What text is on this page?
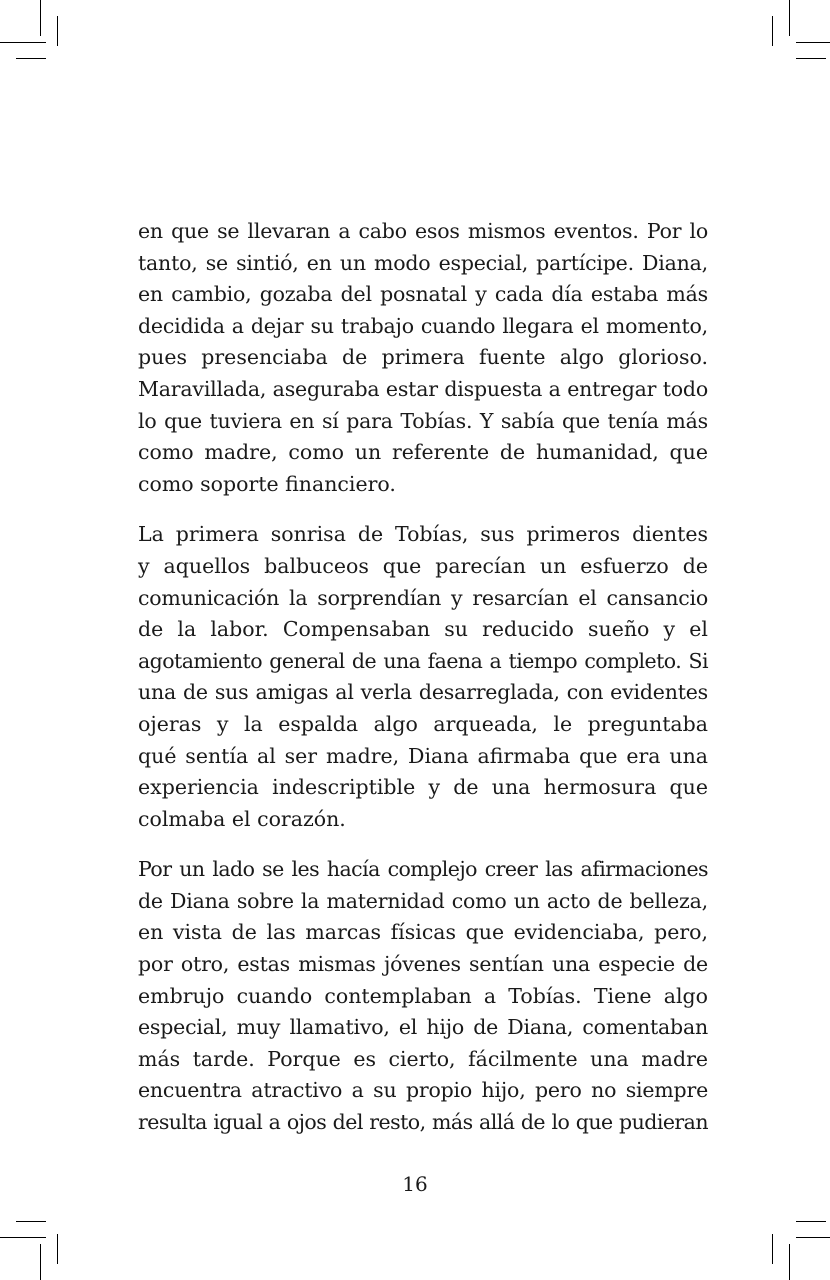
en que se llevaran a cabo esos mismos eventos. Por lo
tanto, se sintió, en un modo especial, partícipe. Diana,
en cambio, gozaba del posnatal y cada día estaba más
decidida a dejar su trabajo cuando llegara el momento,
pues presenciaba de primera fuente algo glorioso.
Maravillada, aseguraba estar dispuesta a entregar todo
lo que tuviera en sí para Tobías. Y sabía que tenía más
como madre, como un referente de humanidad, que
como soporte financiero.

La primera sonrisa de Tobías, sus primeros dientes
y aquellos balbuceos que parecían un esfuerzo de
comunicación la sorprendían y resarcían el cansancio
de la labor. Compensaban su reducido sueño y el
agotamiento general de una faena a tiempo completo. Si
una de sus amigas al verla desarreglada, con evidentes
ojeras y la espalda algo arqueada, le preguntaba
qué sentía al ser madre, Diana afirmaba que era una
experiencia indescriptible y de una hermosura que
colmaba el corazón.

Por un lado se les hacía complejo creer las afirmaciones
de Diana sobre la maternidad como un acto de belleza,
en vista de las marcas físicas que evidenciaba, pero,
por otro, estas mismas jóvenes sentían una especie de
embrujo cuando contemplaban a Tobías. Tiene algo
especial, muy llamativo, el hijo de Diana, comentaban
más tarde. Porque es cierto, fácilmente una madre
encuentra atractivo a su propio hijo, pero no siempre
resulta igual a ojos del resto, más allá de lo que pudieran

16
